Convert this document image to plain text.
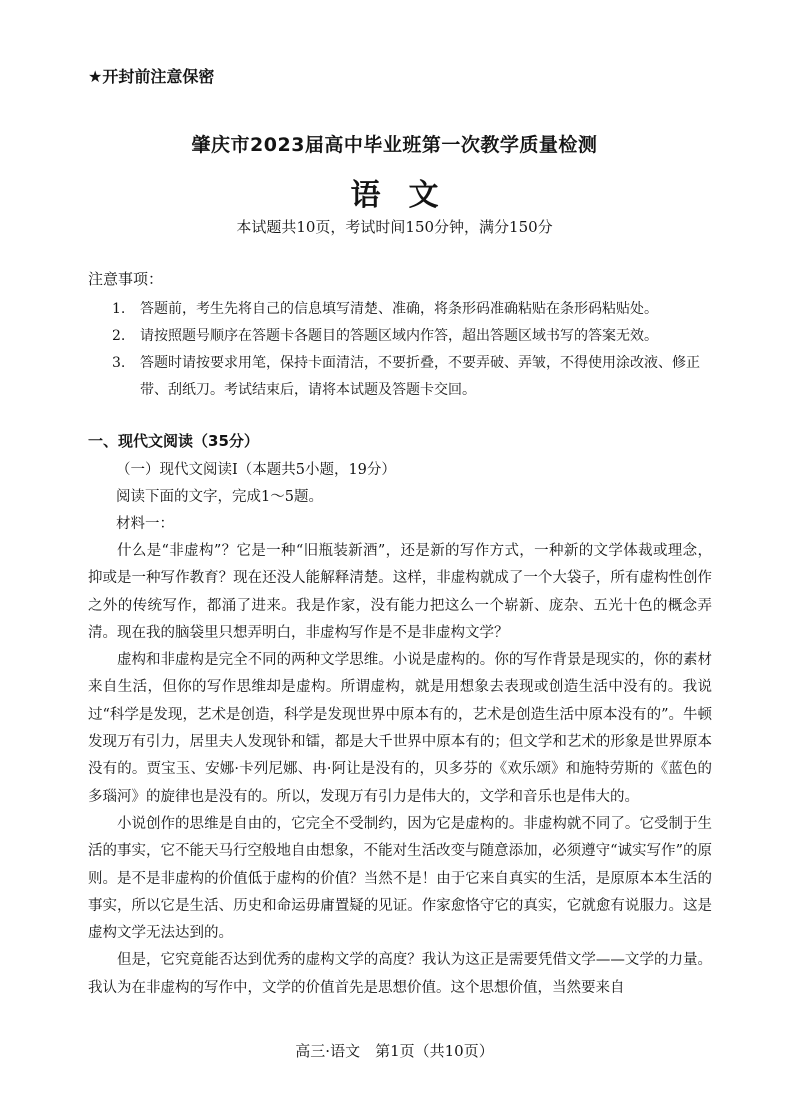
★开封前注意保密
肇庆市2023届高中毕业班第一次教学质量检测
语文
本试题共10页，考试时间150分钟，满分150分
注意事项：
1.	答题前，考生先将自己的信息填写清楚、准确，将条形码准确粘贴在条形码粘贴处。
2.	请按照题号顺序在答题卡各题目的答题区域内作答，超出答题区域书写的答案无效。
3.	答题时请按要求用笔，保持卡面清洁，不要折叠，不要弄破、弄皱，不得使用涂改液、修正带、刮纸刀。考试结束后，请将本试题及答题卡交回。
一、现代文阅读（35分）
（一）现代文阅读Ⅰ（本题共5小题，19分）
阅读下面的文字，完成1～5题。
材料一：

什么是“非虚构”？它是一种“旧瓶装新酒”，还是新的写作方式，一种新的文学体裁或理念，抑或是一种写作教育？现在还没人能解释清楚。这样，非虚构就成了一个大袋子，所有虚构性创作之外的传统写作，都涌了进来。我是作家，没有能力把这么一个崭新、庞杂、五光十色的概念弄清。现在我的脑袋里只想弄明白，非虚构写作是不是非虚构文学？

虚构和非虚构是完全不同的两种文学思维。小说是虚构的。你的写作背景是现实的，你的素材来自生活，但你的写作思维却是虚构。所谓虚构，就是用想象去表现或创造生活中没有的。我说过“科学是发现，艺术是创造，科学是发现世界中原本有的，艺术是创造生活中原本没有的”。牛顿发现万有引力，居里夫人发现钋和镭，都是大千世界中原本有的；但文学和艺术的形象是世界原本没有的。贾宝玉、安娜·卡列尼娜、冉·阿让是没有的，贝多芬的《欢乐颂》和施特劳斯的《蓝色的多瑙河》的旋律也是没有的。所以，发现万有引力是伟大的，文学和音乐也是伟大的。

小说创作的思维是自由的，它完全不受制约，因为它是虚构的。非虚构就不同了。它受制于生活的事实，它不能天马行空般地自由想象，不能对生活改变与随意添加，必须遵守“诚实写作”的原则。是不是非虚构的价值低于虚构的价值？当然不是！由于它来自真实的生活，是原原本本生活的事实，所以它是生活、历史和命运毋庸置疑的见证。作家愈恪守它的真实，它就愈有说服力。这是虚构文学无法达到的。

但是，它究竟能否达到优秀的虚构文学的高度？我认为这正是需要凭借文学——文学的力量。我认为在非虚构的写作中，文学的价值首先是思想价值。这个思想价值，当然要来自

高三·语文　第1页（共10页）
